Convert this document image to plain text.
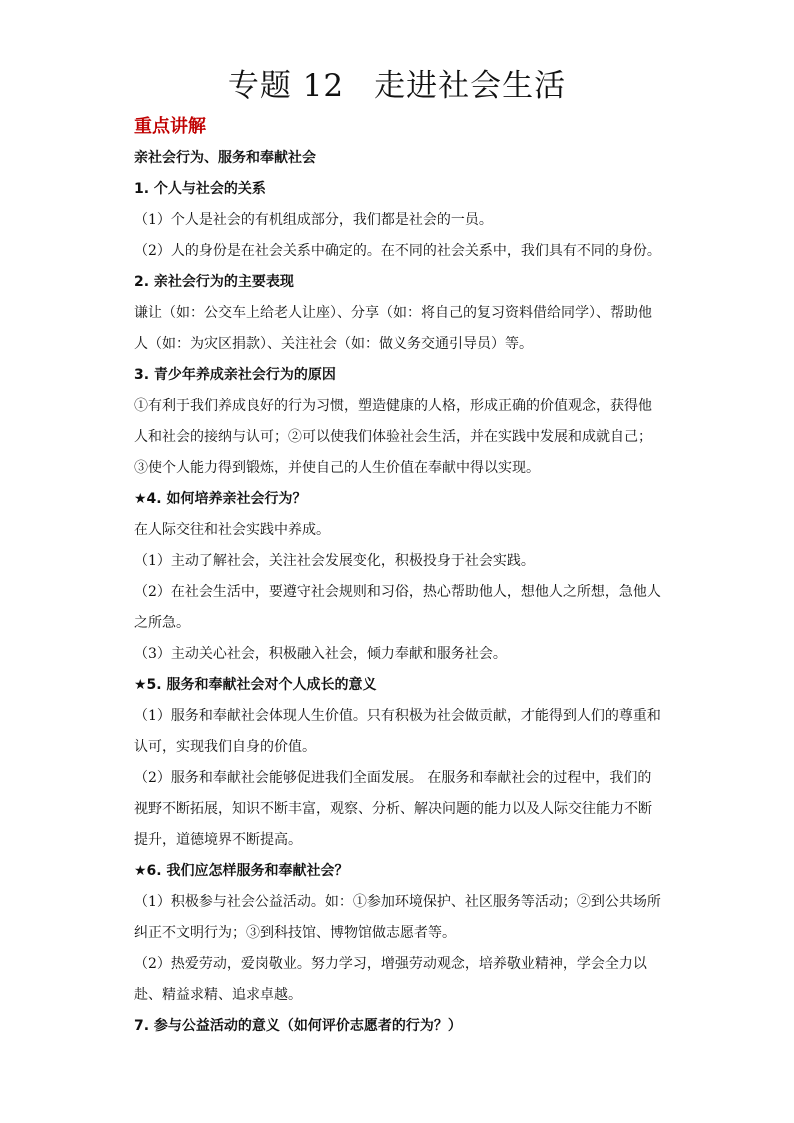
专题 12 走进社会生活
重点讲解
亲社会行为、服务和奉献社会
1. 个人与社会的关系
（1）个人是社会的有机组成部分，我们都是社会的一员。
（2）人的身份是在社会关系中确定的。在不同的社会关系中，我们具有不同的身份。
2. 亲社会行为的主要表现
谦让（如：公交车上给老人让座）、分享（如：将自己的复习资料借给同学）、帮助他
人（如：为灾区捐款）、关注社会（如：做义务交通引导员）等。
3. 青少年养成亲社会行为的原因
①有利于我们养成良好的行为习惯，塑造健康的人格，形成正确的价值观念，获得他
人和社会的接纳与认可；②可以使我们体验社会生活，并在实践中发展和成就自己；
③使个人能力得到锻炼，并使自己的人生价值在奉献中得以实现。
★4. 如何培养亲社会行为？
在人际交往和社会实践中养成。
（1）主动了解社会，关注社会发展变化，积极投身于社会实践。
（2）在社会生活中，要遵守社会规则和习俗，热心帮助他人，想他人之所想，急他人
之所急。
（3）主动关心社会，积极融入社会，倾力奉献和服务社会。
★5. 服务和奉献社会对个人成长的意义
（1）服务和奉献社会体现人生价值。只有积极为社会做贡献，才能得到人们的尊重和
认可，实现我们自身的价值。
（2）服务和奉献社会能够促进我们全面发展。 在服务和奉献社会的过程中，我们的
视野不断拓展，知识不断丰富，观察、分析、解决问题的能力以及人际交往能力不断
提升，道德境界不断提高。
★6. 我们应怎样服务和奉献社会？
（1）积极参与社会公益活动。如：①参加环境保护、社区服务等活动；②到公共场所
纠正不文明行为；③到科技馆、博物馆做志愿者等。
（2）热爱劳动，爱岗敬业。努力学习，增强劳动观念，培养敬业精神，学会全力以
赴、精益求精、追求卓越。
7. 参与公益活动的意义（如何评价志愿者的行为？）
